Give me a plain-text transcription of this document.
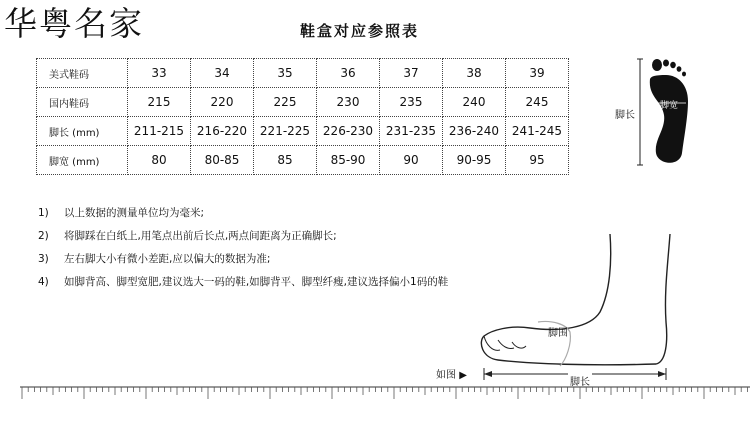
华粤名家	鞋盒对应参照表
美式鞋码	33	34	35	36	37	38	39
国内鞋码	215	220	225	230	235	240	245
脚长 (mm)	211-215	216-220	221-225	226-230	231-235	236-240	241-245
脚宽 (mm)	80	80-85	85	85-90	90	90-95	95
脚长
脚宽
1) 以上数据的测量单位均为毫米;
2) 将脚踩在白纸上,用笔点出前后长点,两点间距离为正确脚长;
3) 左右脚大小有微小差距,应以偏大的数据为准;
4) 如脚背高、脚型宽肥,建议选大一码的鞋,如脚背平、脚型纤瘦,建议选择偏小1码的鞋
脚围
如图 ▶
脚长
